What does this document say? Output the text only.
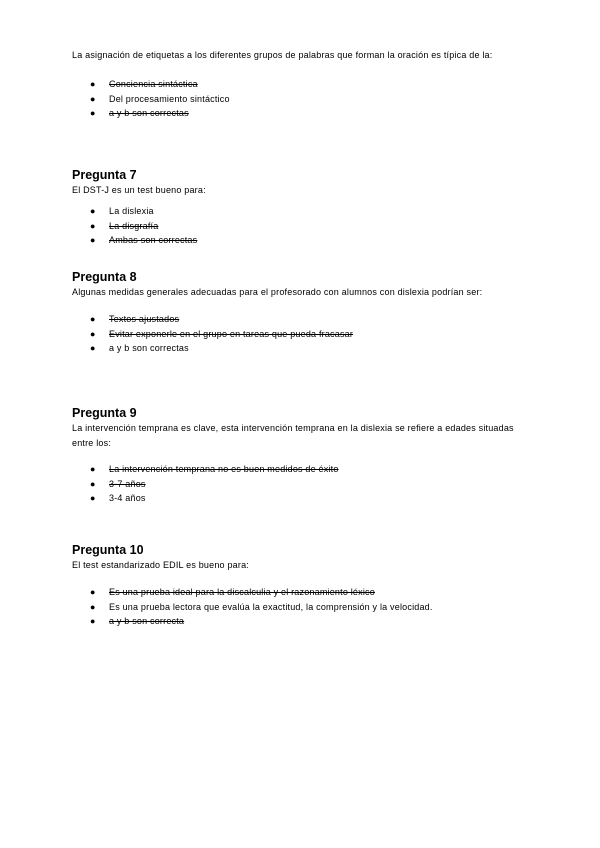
La asignación de etiquetas a los diferentes grupos de palabras que forman la oración es típica de la:

● Conciencia sintáctica
● Del procesamiento sintáctico
● a y b son correctas

Pregunta 7

El DST-J es un test bueno para:

● La dislexia
● La disgrafía
● Ambas son correctas

Pregunta 8

Algunas medidas generales adecuadas para el profesorado con alumnos con dislexia podrían ser:

● Textos ajustados
● Evitar exponerle en el grupo en tareas que pueda fracasar
● a y b son correctas

Pregunta 9

La intervención temprana es clave, esta intervención temprana en la dislexia se refiere a edades situadas entre los:

● La intervención temprana no es buen medidos de éxito
● 3-7 años
● 3-4 años

Pregunta 10

El test estandarizado EDIL es bueno para:

● Es una prueba ideal para la discalculia y el razonamiento léxico
● Es una prueba lectora que evalúa la exactitud, la comprensión y la velocidad.
● a y b son correcta
